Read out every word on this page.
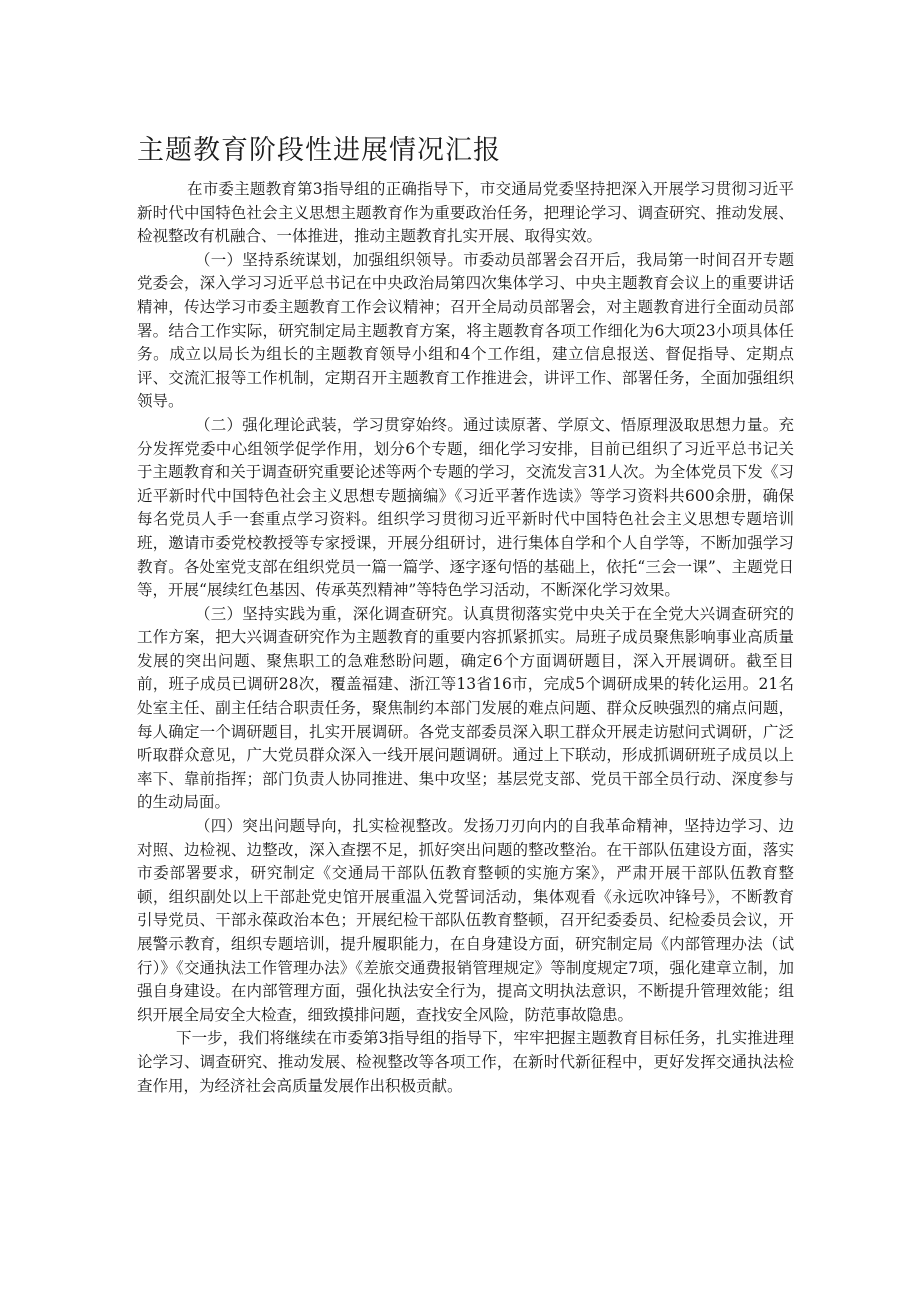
主题教育阶段性进展情况汇报

在市委主题教育第3指导组的正确指导下，市交通局党委坚持把深入开展学习贯彻习近平新时代中国特色社会主义思想主题教育作为重要政治任务，把理论学习、调查研究、推动发展、检视整改有机融合、一体推进，推动主题教育扎实开展、取得实效。

（一）坚持系统谋划，加强组织领导。市委动员部署会召开后，我局第一时间召开专题党委会，深入学习习近平总书记在中央政治局第四次集体学习、中央主题教育会议上的重要讲话精神，传达学习市委主题教育工作会议精神；召开全局动员部署会，对主题教育进行全面动员部署。结合工作实际，研究制定局主题教育方案，将主题教育各项工作细化为6大项23小项具体任务。成立以局长为组长的主题教育领导小组和4个工作组，建立信息报送、督促指导、定期点评、交流汇报等工作机制，定期召开主题教育工作推进会，讲评工作、部署任务，全面加强组织领导。

（二）强化理论武装，学习贯穿始终。通过读原著、学原文、悟原理汲取思想力量。充分发挥党委中心组领学促学作用，划分6个专题，细化学习安排，目前已组织了习近平总书记关于主题教育和关于调查研究重要论述等两个专题的学习，交流发言31人次。为全体党员下发《习近平新时代中国特色社会主义思想专题摘编》《习近平著作选读》等学习资料共600余册，确保每名党员人手一套重点学习资料。组织学习贯彻习近平新时代中国特色社会主义思想专题培训班，邀请市委党校教授等专家授课，开展分组研讨，进行集体自学和个人自学等，不断加强学习教育。各处室党支部在组织党员一篇一篇学、逐字逐句悟的基础上，依托“三会一课”、主题党日等，开展“展续红色基因、传承英烈精神”等特色学习活动，不断深化学习效果。

（三）坚持实践为重，深化调查研究。认真贯彻落实党中央关于在全党大兴调查研究的工作方案，把大兴调查研究作为主题教育的重要内容抓紧抓实。局班子成员聚焦影响事业高质量发展的突出问题、聚焦职工的急难愁盼问题，确定6个方面调研题目，深入开展调研。截至目前，班子成员已调研28次，覆盖福建、浙江等13省16市，完成5个调研成果的转化运用。21名处室主任、副主任结合职责任务，聚焦制约本部门发展的难点问题、群众反映强烈的痛点问题，每人确定一个调研题目，扎实开展调研。各党支部委员深入职工群众开展走访慰问式调研，广泛听取群众意见，广大党员群众深入一线开展问题调研。通过上下联动，形成抓调研班子成员以上率下、靠前指挥；部门负责人协同推进、集中攻坚；基层党支部、党员干部全员行动、深度参与的生动局面。

（四）突出问题导向，扎实检视整改。发扬刀刃向内的自我革命精神，坚持边学习、边对照、边检视、边整改，深入查摆不足，抓好突出问题的整改整治。在干部队伍建设方面，落实市委部署要求，研究制定《交通局干部队伍教育整顿的实施方案》，严肃开展干部队伍教育整顿，组织副处以上干部赴党史馆开展重温入党誓词活动，集体观看《永远吹冲锋号》，不断教育引导党员、干部永葆政治本色；开展纪检干部队伍教育整顿，召开纪委委员、纪检委员会议，开展警示教育，组织专题培训，提升履职能力，在自身建设方面，研究制定局《内部管理办法（试行）》《交通执法工作管理办法》《差旅交通费报销管理规定》等制度规定7项，强化建章立制，加强自身建设。在内部管理方面，强化执法安全行为，提高文明执法意识，不断提升管理效能；组织开展全局安全大检查，细致摸排问题，查找安全风险，防范事故隐患。

下一步，我们将继续在市委第3指导组的指导下，牢牢把握主题教育目标任务，扎实推进理论学习、调查研究、推动发展、检视整改等各项工作，在新时代新征程中，更好发挥交通执法检查作用，为经济社会高质量发展作出积极贡献。
